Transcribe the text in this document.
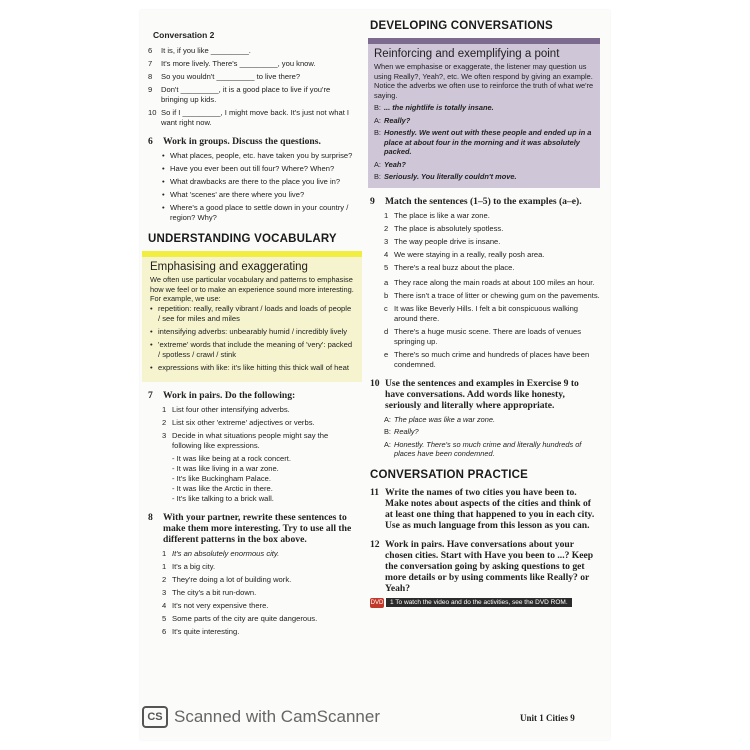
Conversation 2
6	It is, if you like _________.
7	It's more lively. There's _________, you know.
8	So you wouldn't _________ to live there?
9	Don't _________, it is a good place to live if you're bringing up kids.
10 So if I _________, I might move back. It's just not what I want right now.
6	Work in groups. Discuss the questions.
• What places, people, etc. have taken you by surprise?
• Have you ever been out till four? Where? When?
• What drawbacks are there to the place you live in?
• What 'scenes' are there where you live?
• Where's a good place to settle down in your country / region? Why?
UNDERSTANDING VOCABULARY
Emphasising and exaggerating
We often use particular vocabulary and patterns to emphasise how we feel or to make an experience sound more interesting. For example, we use:
• repetition: really, really vibrant / loads and loads of people / see for miles and miles
• intensifying adverbs: unbearably humid / incredibly lively
• 'extreme' words that include the meaning of 'very': packed / spotless / crawl / stink
• expressions with like: it's like hitting this thick wall of heat
7	Work in pairs. Do the following:
1 List four other intensifying adverbs.
2 List six other 'extreme' adjectives or verbs.
3 Decide in what situations people might say the following like expressions.
- It was like being at a rock concert.
- It was like living in a war zone.
- It's like Buckingham Palace.
- It was like the Arctic in there.
- It's like talking to a brick wall.
8	With your partner, rewrite these sentences to make them more interesting. Try to use all the different patterns in the box above.
1 It's an absolutely enormous city.
1 It's a big city.
2 They're doing a lot of building work.
3 The city's a bit run-down.
4 It's not very expensive there.
5 Some parts of the city are quite dangerous.
6 It's quite interesting.
DEVELOPING CONVERSATIONS
Reinforcing and exemplifying a point
When we emphasise or exaggerate, the listener may question us using Really?, Yeah?, etc. We often respond by giving an example. Notice the adverbs we often use to reinforce the truth of what we're saying.
B: ... the nightlife is totally insane.
A: Really?
B: Honestly. We went out with these people and ended up in a place at about four in the morning and it was absolutely packed.
A: Yeah?
B: Seriously. You literally couldn't move.
9	Match the sentences (1–5) to the examples (a–e).
1 The place is like a war zone.
2 The place is absolutely spotless.
3 The way people drive is insane.
4 We were staying in a really, really posh area.
5 There's a real buzz about the place.
a They race along the main roads at about 100 miles an hour.
b There isn't a trace of litter or chewing gum on the pavements.
c It was like Beverly Hills. I felt a bit conspicuous walking around there.
d There's a huge music scene. There are loads of venues springing up.
e There's so much crime and hundreds of places have been condemned.
10 Use the sentences and examples in Exercise 9 to have conversations. Add words like honesty, seriously and literally where appropriate.
A: The place was like a war zone.
B: Really?
A: Honestly. There's so much crime and literally hundreds of places have been condemned.
CONVERSATION PRACTICE
11 Write the names of two cities you have been to. Make notes about aspects of the cities and think of at least one thing that happened to you in each city. Use as much language from this lesson as you can.
12 Work in pairs. Have conversations about your chosen cities. Start with Have you been to ...? Keep the conversation going by asking questions to get more details or by using comments like Really? or Yeah?
DVD	1 To watch the video and do the activities, see the DVD ROM.
Unit 1 Cities 9
CS Scanned with CamScanner
